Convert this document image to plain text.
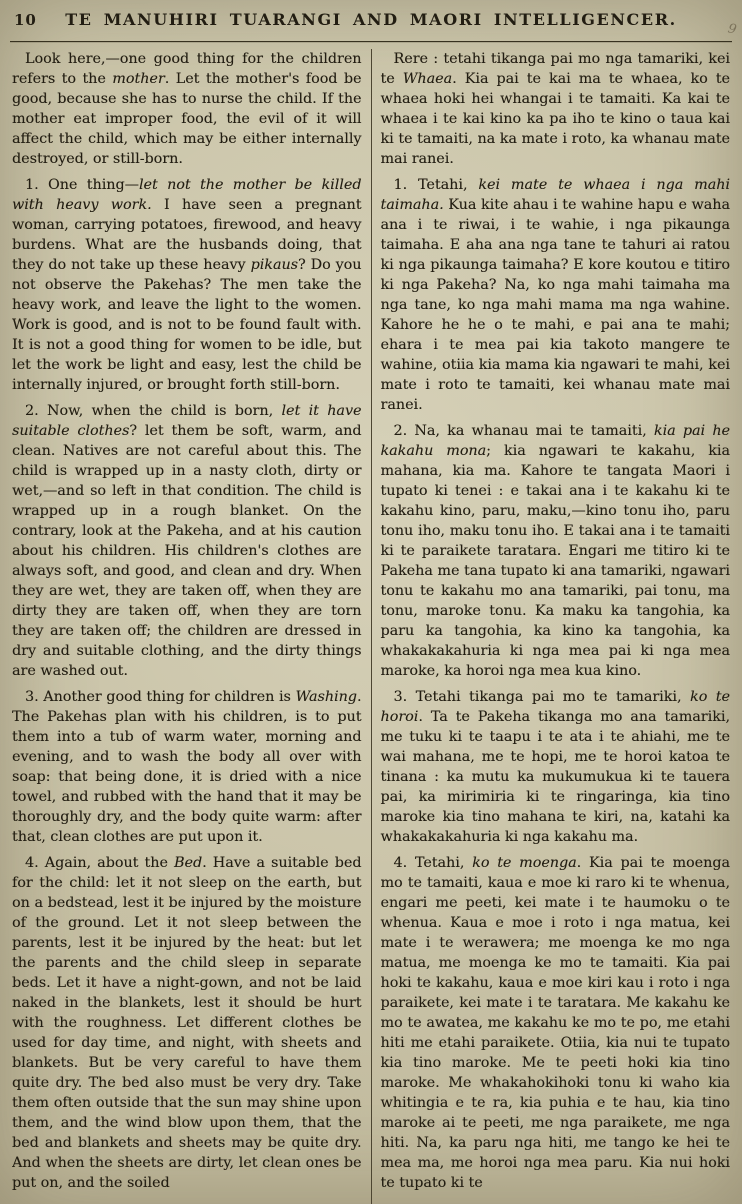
10	TE MANUHIRI TUARANGI AND MAORI INTELLIGENCER.
9

Look here,—one good thing for the children refers to the mother. Let the mother's food be good, because she has to nurse the child. If the mother eat improper food, the evil of it will affect the child, which may be either internally destroyed, or still-born.

1. One thing—let not the mother be killed with heavy work. I have seen a pregnant woman, carrying potatoes, firewood, and heavy burdens. What are the husbands doing, that they do not take up these heavy pikaus? Do you not observe the Pakehas? The men take the heavy work, and leave the light to the women. Work is good, and is not to be found fault with. It is not a good thing for women to be idle, but let the work be light and easy, lest the child be internally injured, or brought forth still-born.

2. Now, when the child is born, let it have suitable clothes? let them be soft, warm, and clean. Natives are not careful about this. The child is wrapped up in a nasty cloth, dirty or wet,—and so left in that condition. The child is wrapped up in a rough blanket. On the contrary, look at the Pakeha, and at his caution about his children. His children's clothes are always soft, and good, and clean and dry. When they are wet, they are taken off, when they are dirty they are taken off, when they are torn they are taken off; the children are dressed in dry and suitable clothing, and the dirty things are washed out.

3. Another good thing for children is Washing. The Pakehas plan with his children, is to put them into a tub of warm water, morning and evening, and to wash the body all over with soap: that being done, it is dried with a nice towel, and rubbed with the hand that it may be thoroughly dry, and the body quite warm: after that, clean clothes are put upon it.

4. Again, about the Bed. Have a suitable bed for the child: let it not sleep on the earth, but on a bedstead, lest it be injured by the moisture of the ground. Let it not sleep between the parents, lest it be injured by the heat: but let the parents and the child sleep in separate beds. Let it have a night-gown, and not be laid naked in the blankets, lest it should be hurt with the roughness. Let different clothes be used for day time, and night, with sheets and blankets. But be very careful to have them quite dry. The bed also must be very dry. Take them often outside that the sun may shine upon them, and the wind blow upon them, that the bed and blankets and sheets may be quite dry. And when the sheets are dirty, let clean ones be put on, and the soiled

Rere : tetahi tikanga pai mo nga tamariki, kei te Whaea. Kia pai te kai ma te whaea, ko te whaea hoki hei whangai i te tamaiti. Ka kai te whaea i te kai kino ka pa iho te kino o taua kai ki te tamaiti, na ka mate i roto, ka whanau mate mai ranei.

1. Tetahi, kei mate te whaea i nga mahi taimaha. Kua kite ahau i te wahine hapu e waha ana i te riwai, i te wahie, i nga pikaunga taimaha. E aha ana nga tane te tahuri ai ratou ki nga pikaunga taimaha? E kore koutou e titiro ki nga Pakeha? Na, ko nga mahi taimaha ma nga tane, ko nga mahi mama ma nga wahine. Kahore he he o te mahi, e pai ana te mahi; ehara i te mea pai kia takoto mangere te wahine, otiia kia mama kia ngawari te mahi, kei mate i roto te tamaiti, kei whanau mate mai ranei.

2. Na, ka whanau mai te tamaiti, kia pai he kakahu mona; kia ngawari te kakahu, kia mahana, kia ma. Kahore te tangata Maori i tupato ki tenei : e takai ana i te kakahu ki te kakahu kino, paru, maku,—kino tonu iho, paru tonu iho, maku tonu iho. E takai ana i te tamaiti ki te paraikete taratara. Engari me titiro ki te Pakeha me tana tupato ki ana tamariki, ngawari tonu te kakahu mo ana tamariki, pai tonu, ma tonu, maroke tonu. Ka maku ka tangohia, ka paru ka tangohia, ka kino ka tangohia, ka whakakakahuria ki nga mea pai ki nga mea maroke, ka horoi nga mea kua kino.

3. Tetahi tikanga pai mo te tamariki, ko te horoi. Ta te Pakeha tikanga mo ana tamariki, me tuku ki te taapu i te ata i te ahiahi, me te wai mahana, me te hopi, me te horoi katoa te tinana : ka mutu ka mukumukua ki te tauera pai, ka mirimiria ki te ringaringa, kia tino maroke kia tino mahana te kiri, na, katahi ka whakakakahuria ki nga kakahu ma.

4. Tetahi, ko te moenga. Kia pai te moenga mo te tamaiti, kaua e moe ki raro ki te whenua, engari me peeti, kei mate i te haumoku o te whenua. Kaua e moe i roto i nga matua, kei mate i te werawera; me moenga ke mo nga matua, me moenga ke mo te tamaiti. Kia pai hoki te kakahu, kaua e moe kiri kau i roto i nga paraikete, kei mate i te taratara. Me kakahu ke mo te awatea, me kakahu ke mo te po, me etahi hiti me etahi paraikete. Otiia, kia nui te tupato kia tino maroke. Me te peeti hoki kia tino maroke. Me whakahokihoki tonu ki waho kia whitingia e te ra, kia puhia e te hau, kia tino maroke ai te peeti, me nga paraikete, me nga hiti. Na, ka paru nga hiti, me tango ke hei te mea ma, me horoi nga mea paru. Kia nui hoki te tupato ki te
